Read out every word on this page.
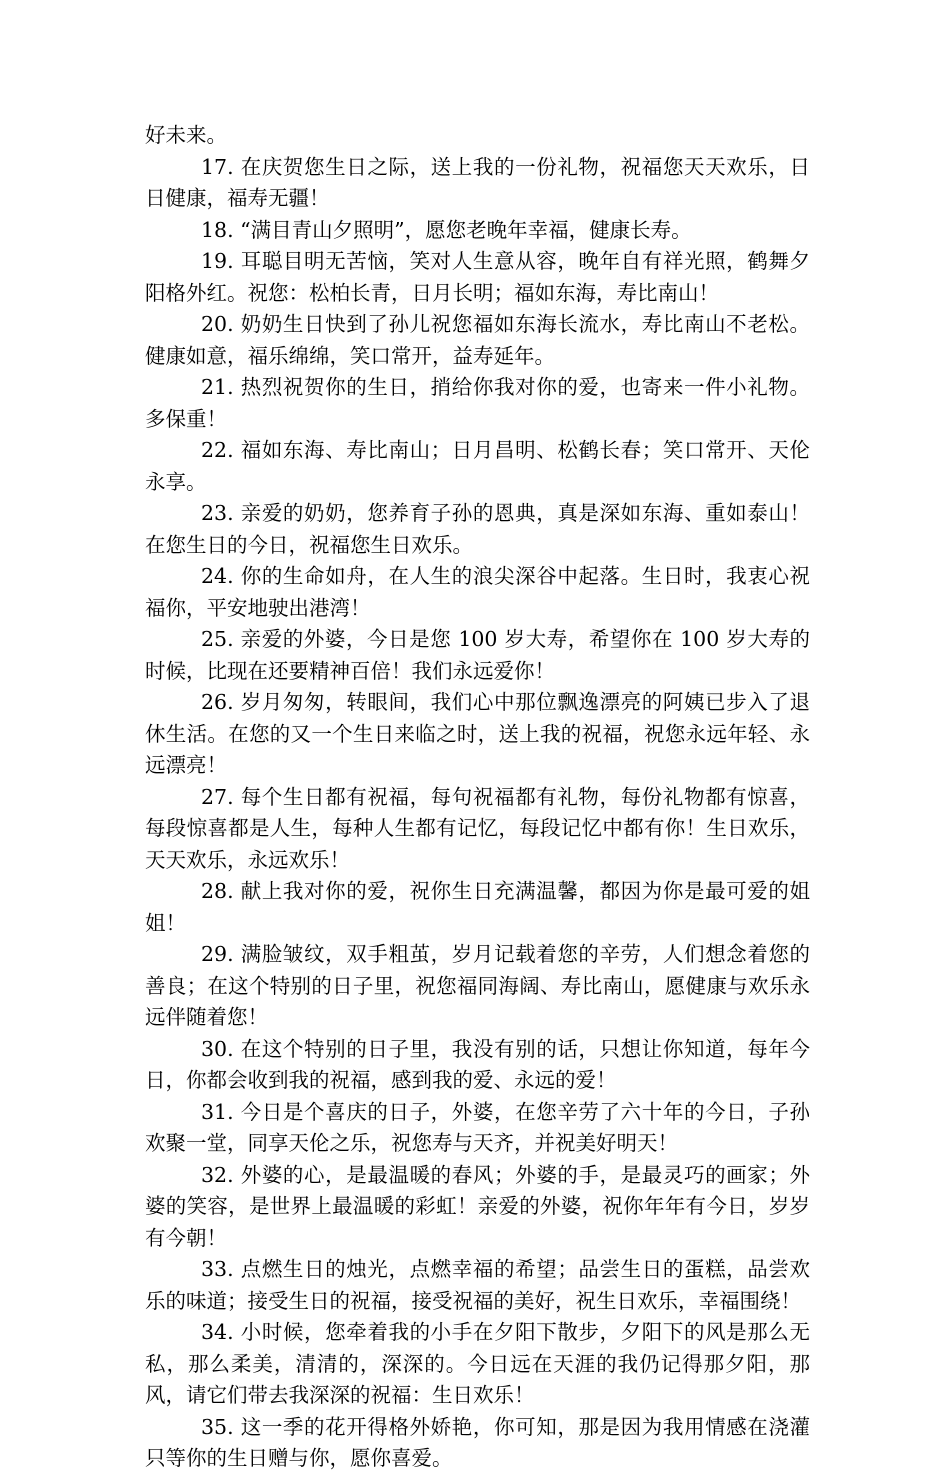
好未来。

17. 在庆贺您生日之际，送上我的一份礼物，祝福您天天欢乐，日日健康，福寿无疆！

18. “满目青山夕照明”，愿您老晚年幸福，健康长寿。

19. 耳聪目明无苦恼，笑对人生意从容，晚年自有祥光照，鹤舞夕阳格外红。祝您：松柏长青，日月长明；福如东海，寿比南山！

20. 奶奶生日快到了孙儿祝您福如东海长流水，寿比南山不老松。健康如意，福乐绵绵，笑口常开，益寿延年。

21. 热烈祝贺你的生日，捎给你我对你的爱，也寄来一件小礼物。多保重！

22. 福如东海、寿比南山；日月昌明、松鹤长春；笑口常开、天伦永享。

23. 亲爱的奶奶，您养育子孙的恩典，真是深如东海、重如泰山！在您生日的今日，祝福您生日欢乐。

24. 你的生命如舟，在人生的浪尖深谷中起落。生日时，我衷心祝福你，平安地驶出港湾！

25. 亲爱的外婆，今日是您 100 岁大寿，希望你在 100 岁大寿的时候，比现在还要精神百倍！我们永远爱你！

26. 岁月匆匆，转眼间，我们心中那位飘逸漂亮的阿姨已步入了退休生活。在您的又一个生日来临之时，送上我的祝福，祝您永远年轻、永远漂亮！

27. 每个生日都有祝福，每句祝福都有礼物，每份礼物都有惊喜，每段惊喜都是人生，每种人生都有记忆，每段记忆中都有你！生日欢乐，天天欢乐，永远欢乐！

28. 献上我对你的爱，祝你生日充满温馨，都因为你是最可爱的姐姐！

29. 满脸皱纹，双手粗茧，岁月记载着您的辛劳，人们想念着您的善良；在这个特别的日子里，祝您福同海阔、寿比南山，愿健康与欢乐永远伴随着您！

30. 在这个特别的日子里，我没有别的话，只想让你知道，每年今日，你都会收到我的祝福，感到我的爱、永远的爱！

31. 今日是个喜庆的日子，外婆，在您辛劳了六十年的今日，子孙欢聚一堂，同享天伦之乐，祝您寿与天齐，并祝美好明天！

32. 外婆的心，是最温暖的春风；外婆的手，是最灵巧的画家；外婆的笑容，是世界上最温暖的彩虹！亲爱的外婆，祝你年年有今日，岁岁有今朝！

33. 点燃生日的烛光，点燃幸福的希望；品尝生日的蛋糕，品尝欢乐的味道；接受生日的祝福，接受祝福的美好，祝生日欢乐，幸福围绕！

34. 小时候，您牵着我的小手在夕阳下散步，夕阳下的风是那么无私，那么柔美，清清的，深深的。今日远在天涯的我仍记得那夕阳，那风，请它们带去我深深的祝福：生日欢乐！

35. 这一季的花开得格外娇艳，你可知，那是因为我用情感在浇灌只等你的生日赠与你，愿你喜爱。
